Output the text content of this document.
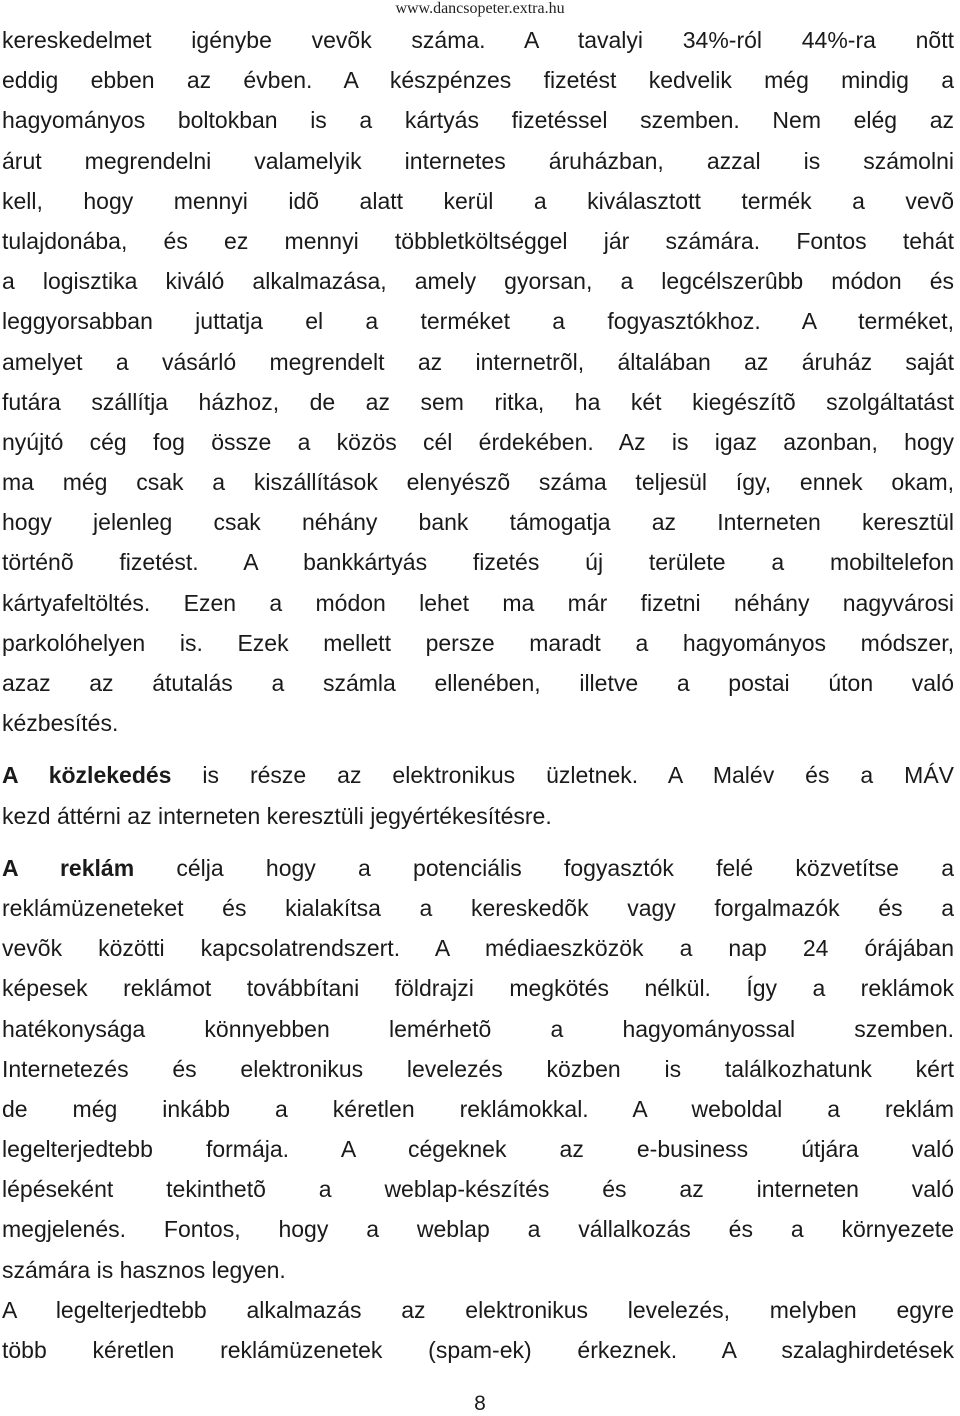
www.dancsopeter.extra.hu
kereskedelmet igénybe vevõk száma. A tavalyi 34%-ról 44%-ra nõtt
eddig ebben az évben. A készpénzes fizetést kedvelik még mindig a
hagyományos boltokban is a kártyás fizetéssel szemben. Nem elég az
árut megrendelni valamelyik internetes áruházban, azzal is számolni
kell, hogy mennyi idõ alatt kerül a kiválasztott termék a vevõ
tulajdonába, és ez mennyi többletköltséggel jár számára. Fontos tehát
a logisztika kiváló alkalmazása, amely gyorsan, a legcélszerûbb módon és
leggyorsabban juttatja el a terméket a fogyasztókhoz. A terméket,
amelyet a vásárló megrendelt az internetrõl, általában az áruház saját
futára szállítja házhoz, de az sem ritka, ha két kiegészítõ szolgáltatást
nyújtó cég fog össze a közös cél érdekében. Az is igaz azonban, hogy
ma még csak a kiszállítások elenyészõ száma teljesül így, ennek okam,
hogy jelenleg csak néhány bank támogatja az Interneten keresztül
történõ fizetést. A bankkártyás fizetés új területe a mobiltelefon
kártyafeltöltés. Ezen a módon lehet ma már fizetni néhány nagyvárosi
parkolóhelyen is. Ezek mellett persze maradt a hagyományos módszer,
azaz az átutalás a számla ellenében, illetve a postai úton való
kézbesítés.
A közlekedés is része az elektronikus üzletnek. A Malév és a MÁV
kezd áttérni az interneten keresztüli jegyértékesítésre.
A reklám célja hogy a potenciális fogyasztók felé közvetítse a
reklámüzeneteket és kialakítsa a kereskedõk vagy forgalmazók és a
vevõk közötti kapcsolatrendszert. A médiaeszközök a nap 24 órájában
képesek reklámot továbbítani földrajzi megkötés nélkül. Így a reklámok
hatékonysága könnyebben lemérhetõ a hagyományossal szemben.
Internetezés és elektronikus levelezés közben is találkozhatunk kért
de még inkább a kéretlen reklámokkal. A weboldal a reklám
legelterjedtebb formája. A cégeknek az e-business útjára való
lépéseként tekinthetõ a weblap-készítés és az interneten való
megjelenés. Fontos, hogy a weblap a vállalkozás és a környezete
számára is hasznos legyen.
A legelterjedtebb alkalmazás az elektronikus levelezés, melyben egyre
több kéretlen reklámüzenetek (spam-ek) érkeznek. A szalaghirdetések
8
